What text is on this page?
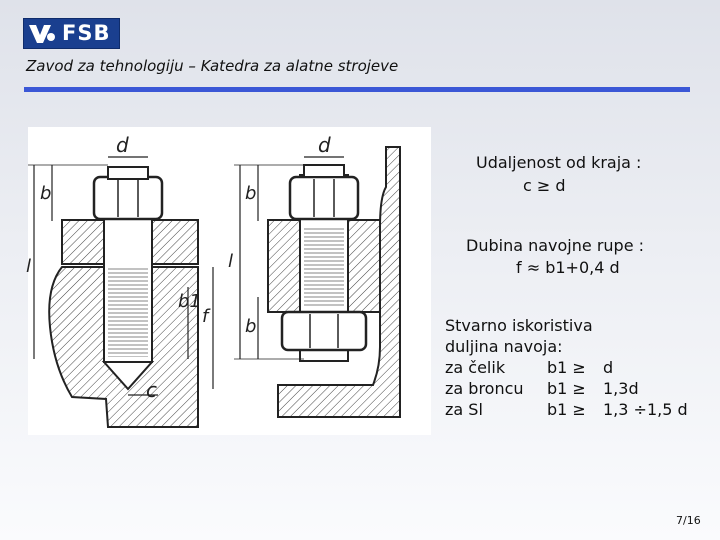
FSB
Zavod za tehnologiju – Katedra za alatne strojeve
d
b
l
b1
f
c
d
b
l
b
Udaljenost od kraja :
c ≥ d
Dubina navojne rupe :
f ≈ b1+0,4 d
Stvarno iskoristiva
duljina navoja:
za čelik	b1 ≥	d
za broncu	b1 ≥	1,3d
za Sl	b1 ≥	1,3 ÷1,5 d
7/16
